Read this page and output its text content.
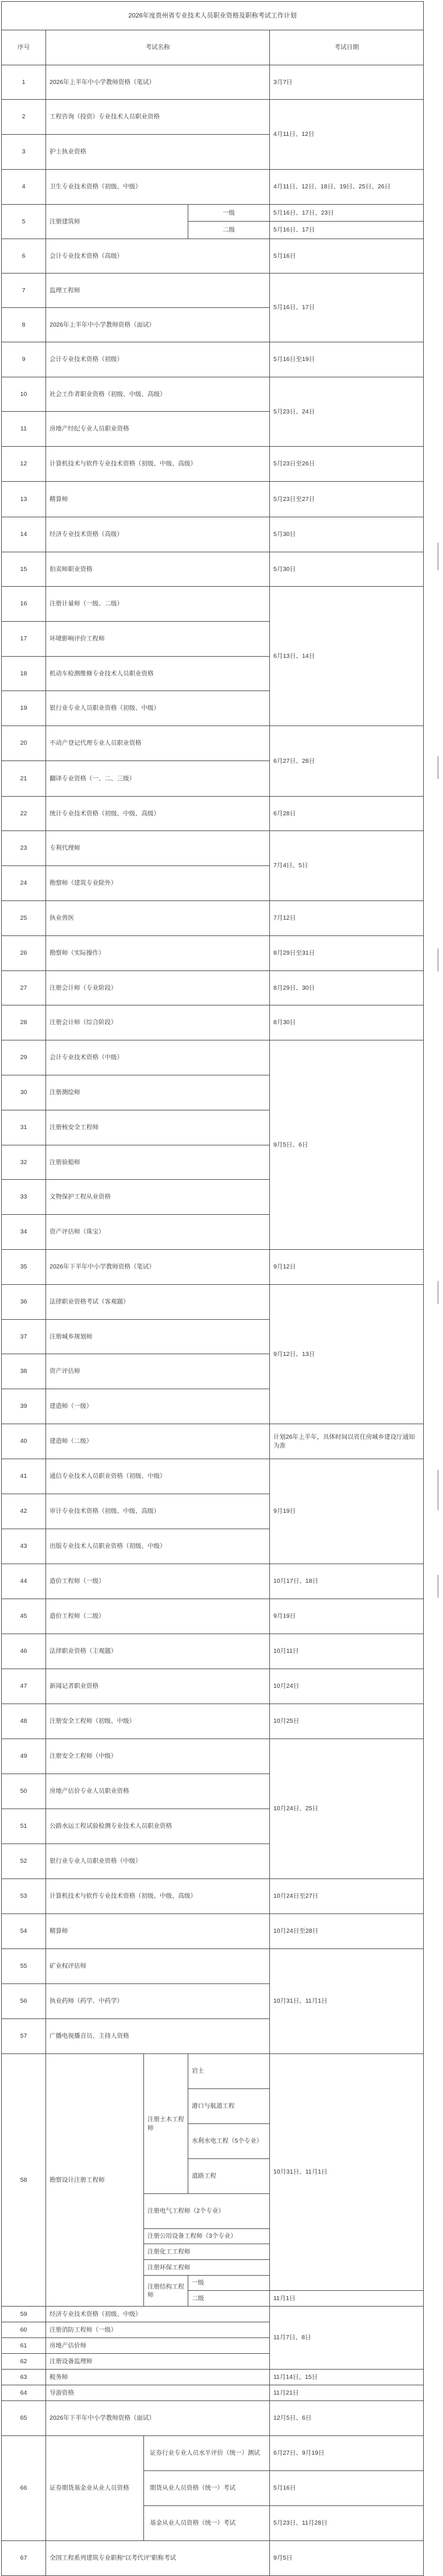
2026年度贵州省专业技术人员职业资格及职称考试工作计划				
序号	考试名称			考试日期
1	2026年上半年中小学教师资格（笔试）			3月7日
2	工程咨询（投资）专业技术人员职业资格			4月11日、12日
3	护士执业资格			
4	卫生专业技术资格（初级、中级）			4月11日、12日、18日、19日、25日、26日
5	注册建筑师		一级	5月16日、17日、23日
			二级	5月16日、17日
6	会计专业技术资格（高级）			5月16日
7	监理工程师			5月16日、17日
8	2026年上半年中小学教师资格（面试）			
9	会计专业技术资格（初级）			5月16日至19日
10	社会工作者职业资格（初级、中级、高级）			5月23日、24日
11	房地产经纪专业人员职业资格			
12	计算机技术与软件专业技术资格（初级、中级、高级）			5月23日至26日
13	精算师			5月23日至27日
14	经济专业技术资格（高级）			5月30日
15	拍卖师职业资格			5月30日
16	注册计量师（一级、二级）			6月13日、14日
17	环境影响评价工程师			
18	机动车检测维修专业技术人员职业资格			
19	银行业专业人员职业资格（初级、中级）			
20	不动产登记代理专业人员职业资格			6月27日、28日
21	翻译专业资格（一、二、三级）			
22	统计专业技术资格（初级、中级、高级）			6月28日
23	专利代理师			7月4日、5日
24	勘察师（建筑专业除外）			
25	执业兽医			7月12日
26	勘察师（实际操作）			8月29日至31日
27	注册会计师（专业阶段）			8月29日、30日
28	注册会计师（综合阶段）			8月30日
29	会计专业技术资格（中级）			9月5日、6日
30	注册测绘师			
31	注册核安全工程师			
32	注册验船师			
33	文物保护工程从业资格			
34	资产评估师（珠宝）			
35	2026年下半年中小学教师资格（笔试）			9月12日
36	法律职业资格考试（客观题）			9月12日、13日
37	注册城乡规划师			
38	资产评估师			
39	建造师（一级）			
40	建造师（二级）			计划26年上半年，具体时间以省住房城乡建设厅通知为准
41	通信专业技术人员职业资格（初级、中级）			9月19日
42	审计专业技术资格（初级、中级、高级）			
43	出版专业技术人员职业资格（初级、中级）			
44	造价工程师（一级）			10月17日、18日
45	造价工程师（二级）			9月19日
46	法律职业资格（主观题）			10月11日
47	新闻记者职业资格			10月24日
48	注册安全工程师（初级、中级）			10月25日
49	注册安全工程师（中级）			10月24日、25日
50	房地产估价专业人员职业资格			
51	公路水运工程试验检测专业技术人员职业资格			
52	银行业专业人员职业资格（中级）			
53	计算机技术与软件专业技术资格（初级、中级、高级）			10月24日至27日
54	精算师			10月24日至28日
55	矿业权评估师			10月31日、11月1日
56	执业药师（药学、中药学）			
57	广播电视播音员、主持人资格			
58	勘察设计注册工程师	注册土木工程师	岩土	10月31日、11月1日
			港口与航道工程	
			水利水电工程（5个专业）	
			道路工程	
		注册电气工程师（2个专业）		
		注册公用设备工程师（3个专业）		
		注册化工工程师		
		注册环保工程师		
		注册结构工程师	一级	
			二级	11月1日
59	经济专业技术资格（初级、中级）			11月7日、8日
60	注册消防工程师（一级）			
61	房地产估价师			
62	注册设备监理师			
63	税务师			11月14日、15日
64	导游资格			11月21日
65	2026年下半年中小学教师资格（面试）			12月5日、6日
66	证券期货基金业从业人员资格	证券行业专业人员水平评价（统一）测试		6月27日、9月19日
		期货从业人员资格（统一）考试		5月16日
		基金从业人员资格（统一）考试		5月23日、11月28日
67	全国工程系列建筑专业职称“以考代评”职称考试			9月5日
